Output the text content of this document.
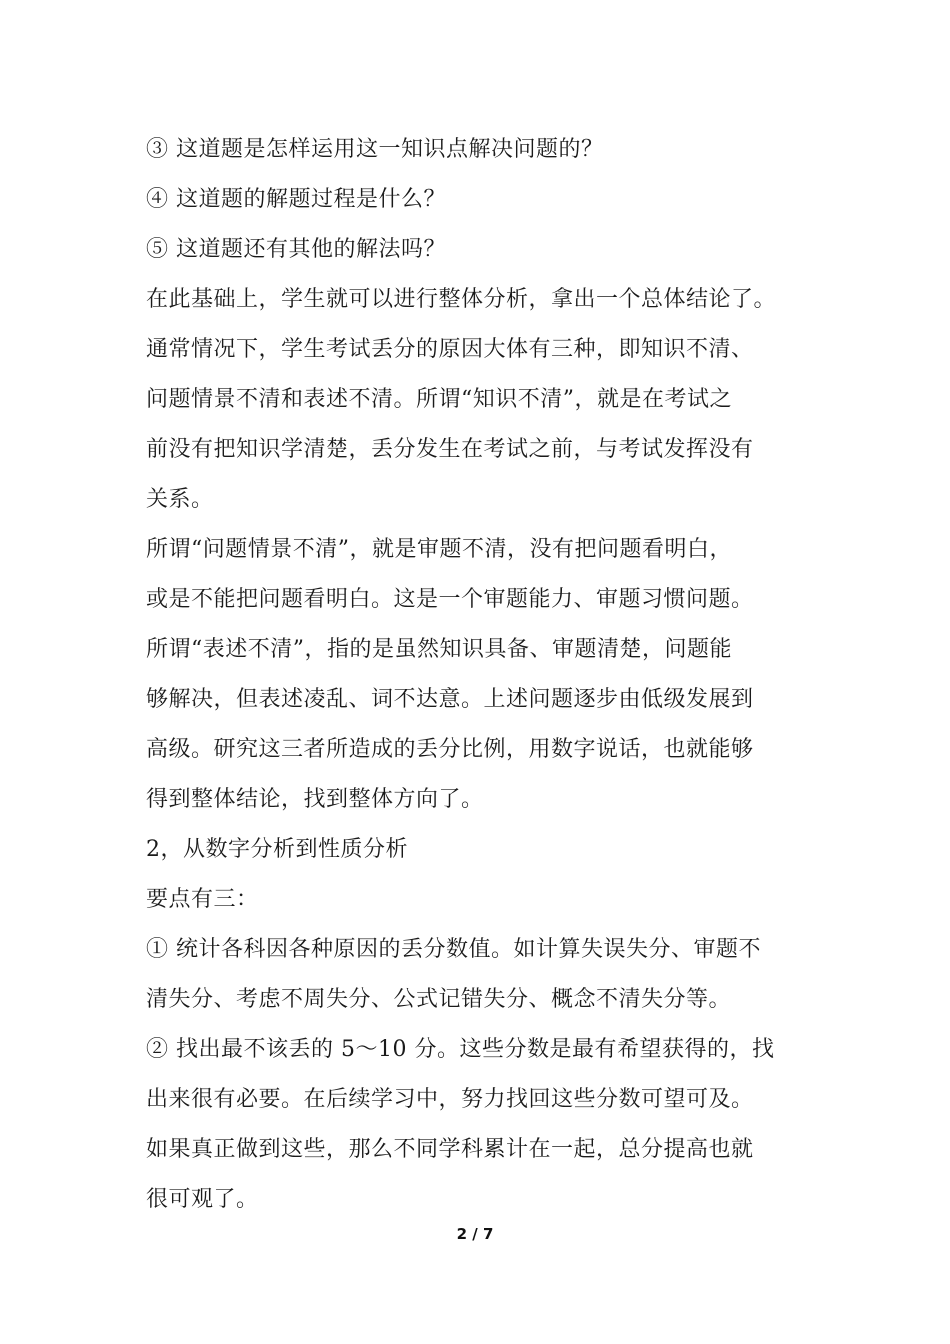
③ 这道题是怎样运用这一知识点解决问题的？
④ 这道题的解题过程是什么？
⑤ 这道题还有其他的解法吗？
在此基础上，学生就可以进行整体分析，拿出一个总体结论了。
通常情况下，学生考试丢分的原因大体有三种，即知识不清、
问题情景不清和表述不清。所谓“知识不清”，就是在考试之
前没有把知识学清楚，丢分发生在考试之前，与考试发挥没有
关系。
所谓“问题情景不清”，就是审题不清，没有把问题看明白，
或是不能把问题看明白。这是一个审题能力、审题习惯问题。
所谓“表述不清”，指的是虽然知识具备、审题清楚，问题能
够解决，但表述凌乱、词不达意。上述问题逐步由低级发展到
高级。研究这三者所造成的丢分比例，用数字说话，也就能够
得到整体结论，找到整体方向了。
2，从数字分析到性质分析
要点有三：
① 统计各科因各种原因的丢分数值。如计算失误失分、审题不
清失分、考虑不周失分、公式记错失分、概念不清失分等。
② 找出最不该丢的 5～10 分。这些分数是最有希望获得的，找
出来很有必要。在后续学习中，努力找回这些分数可望可及。
如果真正做到这些，那么不同学科累计在一起，总分提高也就
很可观了。
2 / 7
